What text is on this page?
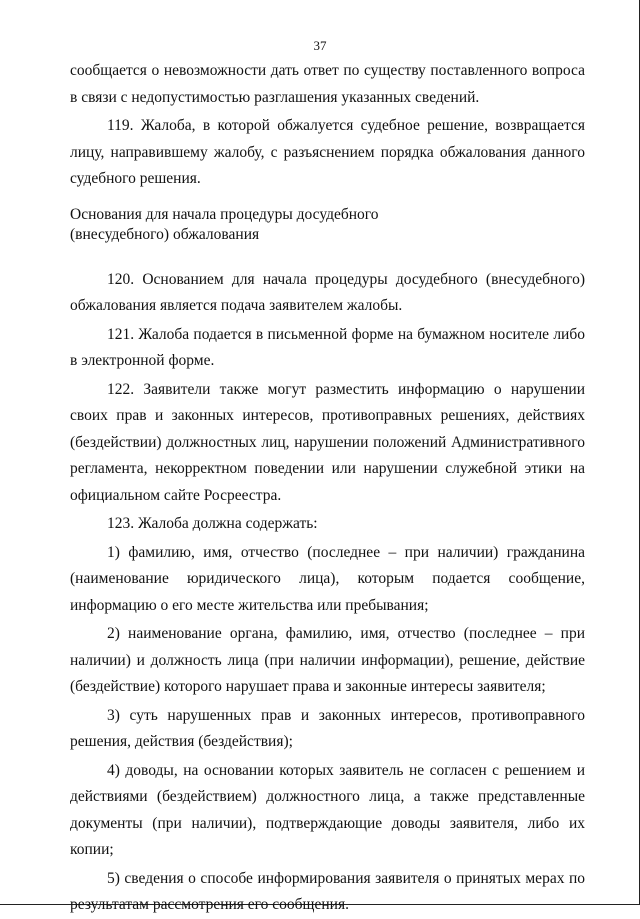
37

сообщается о невозможности дать ответ по существу поставленного вопроса в связи с недопустимостью разглашения указанных сведений.

119. Жалоба, в которой обжалуется судебное решение, возвращается лицу, направившему жалобу, с разъяснением порядка обжалования данного судебного решения.

Основания для начала процедуры досудебного
(внесудебного) обжалования

120. Основанием для начала процедуры досудебного (внесудебного) обжалования является подача заявителем жалобы.

121. Жалоба подается в письменной форме на бумажном носителе либо в электронной форме.

122. Заявители также могут разместить информацию о нарушении своих прав и законных интересов, противоправных решениях, действиях (бездействии) должностных лиц, нарушении положений Административного регламента, некорректном поведении или нарушении служебной этики на официальном сайте Росреестра.

123. Жалоба должна содержать:

1) фамилию, имя, отчество (последнее – при наличии) гражданина (наименование юридического лица), которым подается сообщение, информацию о его месте жительства или пребывания;

2) наименование органа, фамилию, имя, отчество (последнее – при наличии) и должность лица (при наличии информации), решение, действие (бездействие) которого нарушает права и законные интересы заявителя;

3) суть нарушенных прав и законных интересов, противоправного решения, действия (бездействия);

4) доводы, на основании которых заявитель не согласен с решением и действиями (бездействием) должностного лица, а также представленные документы (при наличии), подтверждающие доводы заявителя, либо их копии;

5) сведения о способе информирования заявителя о принятых мерах по результатам рассмотрения его сообщения.
